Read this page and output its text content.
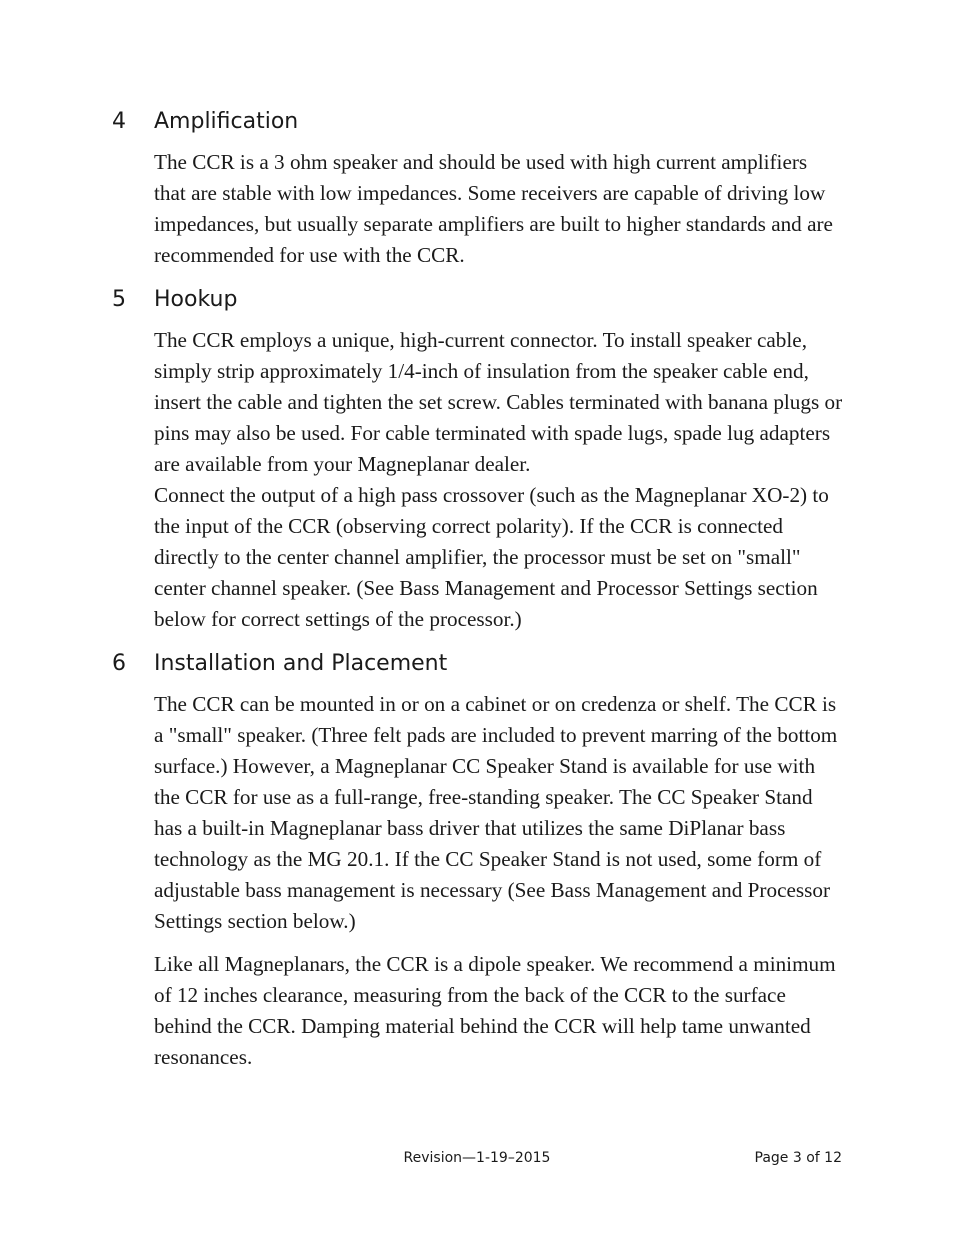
4 Amplification

The CCR is a 3 ohm speaker and should be used with high current amplifiers that are stable with low impedances. Some receivers are capable of driving low impedances, but usually separate amplifiers are built to higher standards and are recommended for use with the CCR.

5 Hookup

The CCR employs a unique, high-current connector. To install speaker cable, simply strip approximately 1/4-inch of insulation from the speaker cable end, insert the cable and tighten the set screw. Cables terminated with banana plugs or pins may also be used. For cable terminated with spade lugs, spade lug adapters are available from your Magneplanar dealer.

Connect the output of a high pass crossover (such as the Magneplanar XO-2) to the input of the CCR (observing correct polarity). If the CCR is connected directly to the center channel amplifier, the processor must be set on "small" center channel speaker. (See Bass Management and Processor Settings section below for correct settings of the processor.)

6 Installation and Placement

The CCR can be mounted in or on a cabinet or on credenza or shelf. The CCR is a "small" speaker. (Three felt pads are included to prevent marring of the bottom surface.) However, a Magneplanar CC Speaker Stand is available for use with the CCR for use as a full-range, free-standing speaker. The CC Speaker Stand has a built-in Magneplanar bass driver that utilizes the same DiPlanar bass technology as the MG 20.1. If the CC Speaker Stand is not used, some form of adjustable bass management is necessary (See Bass Management and Processor Settings section below.)

Like all Magneplanars, the CCR is a dipole speaker. We recommend a minimum of 12 inches clearance, measuring from the back of the CCR to the surface behind the CCR. Damping material behind the CCR will help tame unwanted resonances.

Revision—1-19–2015	Page 3 of 12
